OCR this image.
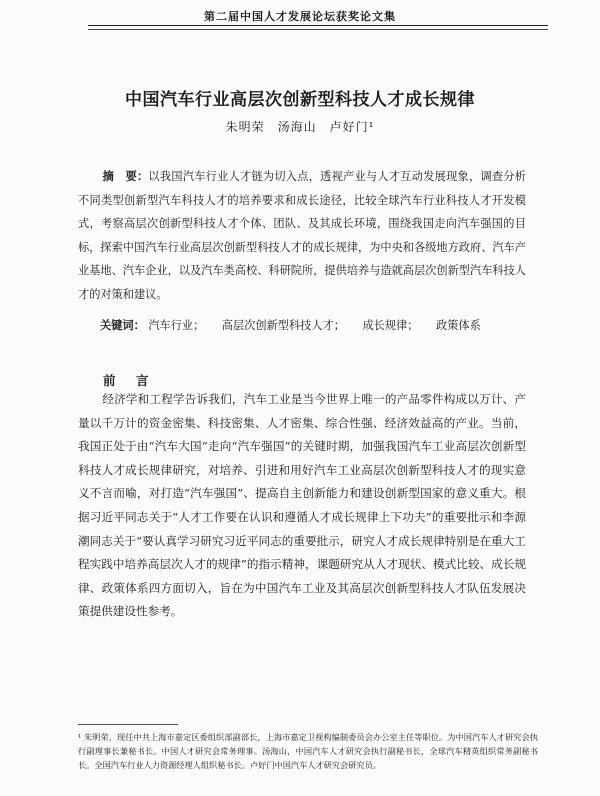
第二届中国人才发展论坛获奖论文集
中国汽车行业高层次创新型科技人才成长规律
朱明荣　汤海山　卢好门¹
摘　要：以我国汽车行业人才链为切入点，透视产业与人才互动发展现象，调查分析不同类型创新型汽车科技人才的培养要求和成长途径，比较全球汽车行业科技人才开发模式，考察高层次创新型科技人才个体、团队、及其成长环境，围绕我国走向汽车强国的目标，探索中国汽车行业高层次创新型科技人才的成长规律，为中央和各级地方政府、汽车产业基地、汽车企业，以及汽车类高校、科研院所，提供培养与造就高层次创新型汽车科技人才的对策和建议。
关键词： 汽车行业； 高层次创新型科技人才； 成长规律； 政策体系
前　言
经济学和工程学告诉我们，汽车工业是当今世界上唯一的产品零件构成以万计、产量以千万计的资金密集、科技密集、人才密集、综合性强、经济效益高的产业。当前，我国正处于由“汽车大国”走向“汽车强国”的关键时期，加强我国汽车工业高层次创新型科技人才成长规律研究，对培养、引进和用好汽车工业高层次创新型科技人才的现实意义不言而喻，对打造“汽车强国”、提高自主创新能力和建设创新型国家的意义重大。根据习近平同志关于“人才工作要在认识和遵循人才成长规律上下功夫”的重要批示和李源潮同志关于“要认真学习研究习近平同志的重要批示，研究人才成长规律特别是在重大工程实践中培养高层次人才的规律”的指示精神，课题研究从人才现状、模式比较、成长规律、政策体系四方面切入，旨在为中国汽车工业及其高层次创新型科技人才队伍发展决策提供建设性参考。
¹ 朱明荣，现任中共上海市嘉定区委组织部副部长，上海市嘉定卫视构编制委员会办公室主任等职位。为中国汽车人才研究会执行副理事长兼秘书长。中国人才研究会常务理事。汤海山，中国汽车人才研究会执行副秘书长，全球汽车精英组织常务副秘书长。全国汽车行业人力资源经理人组织秘书长。卢好门中国汽车人才研究会研究员。
